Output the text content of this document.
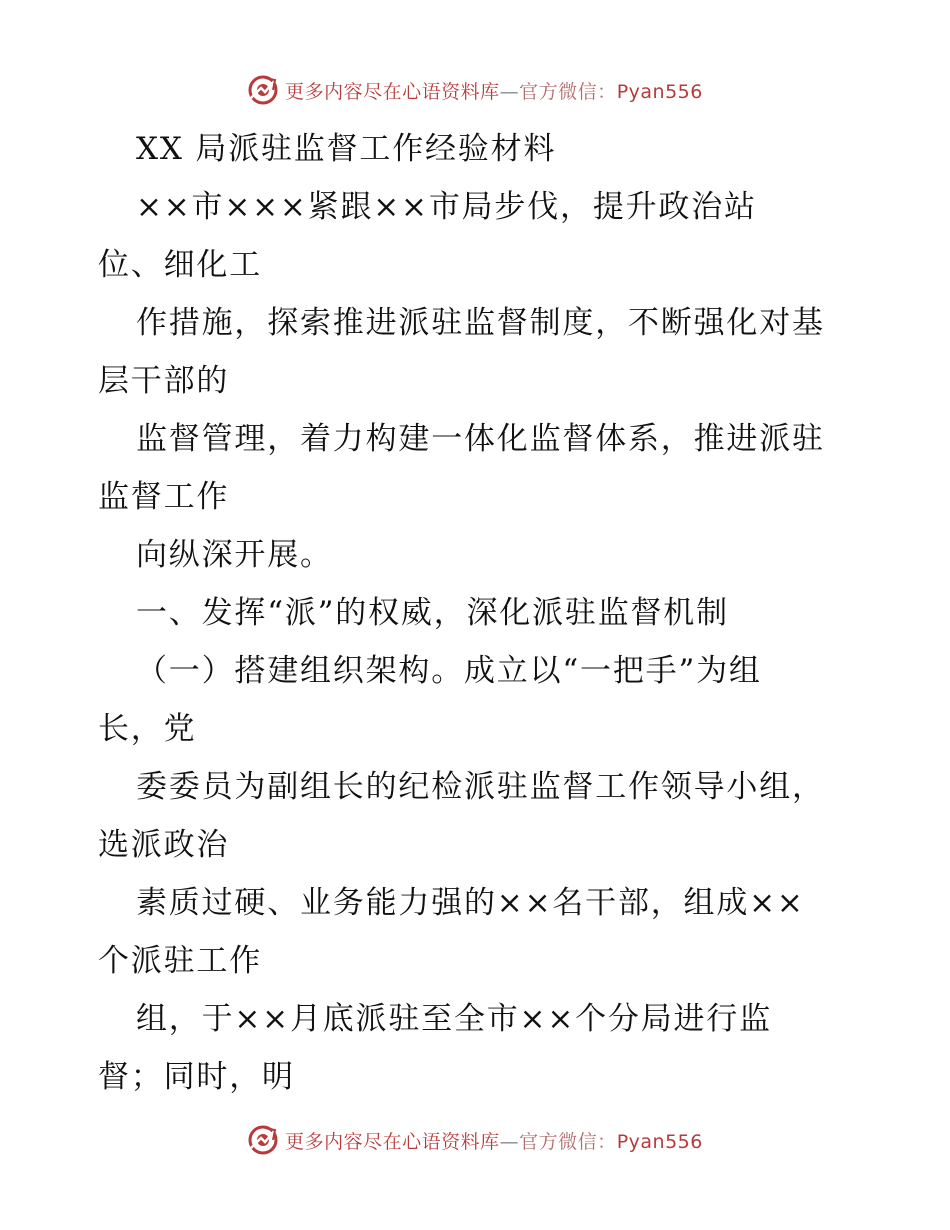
更多内容尽在心语资料库—官方微信：Pyan556
XX 局派驻监督工作经验材料
××市×××紧跟××市局步伐，提升政治站
位、细化工
作措施，探索推进派驻监督制度，不断强化对基
层干部的
监督管理，着力构建一体化监督体系，推进派驻
监督工作
向纵深开展。
一、发挥“派”的权威，深化派驻监督机制
（一）搭建组织架构。成立以“一把手”为组
长，党
委委员为副组长的纪检派驻监督工作领导小组，
选派政治
素质过硬、业务能力强的××名干部，组成××
个派驻工作
组，于××月底派驻至全市××个分局进行监
督；同时，明
更多内容尽在心语资料库—官方微信：Pyan556
